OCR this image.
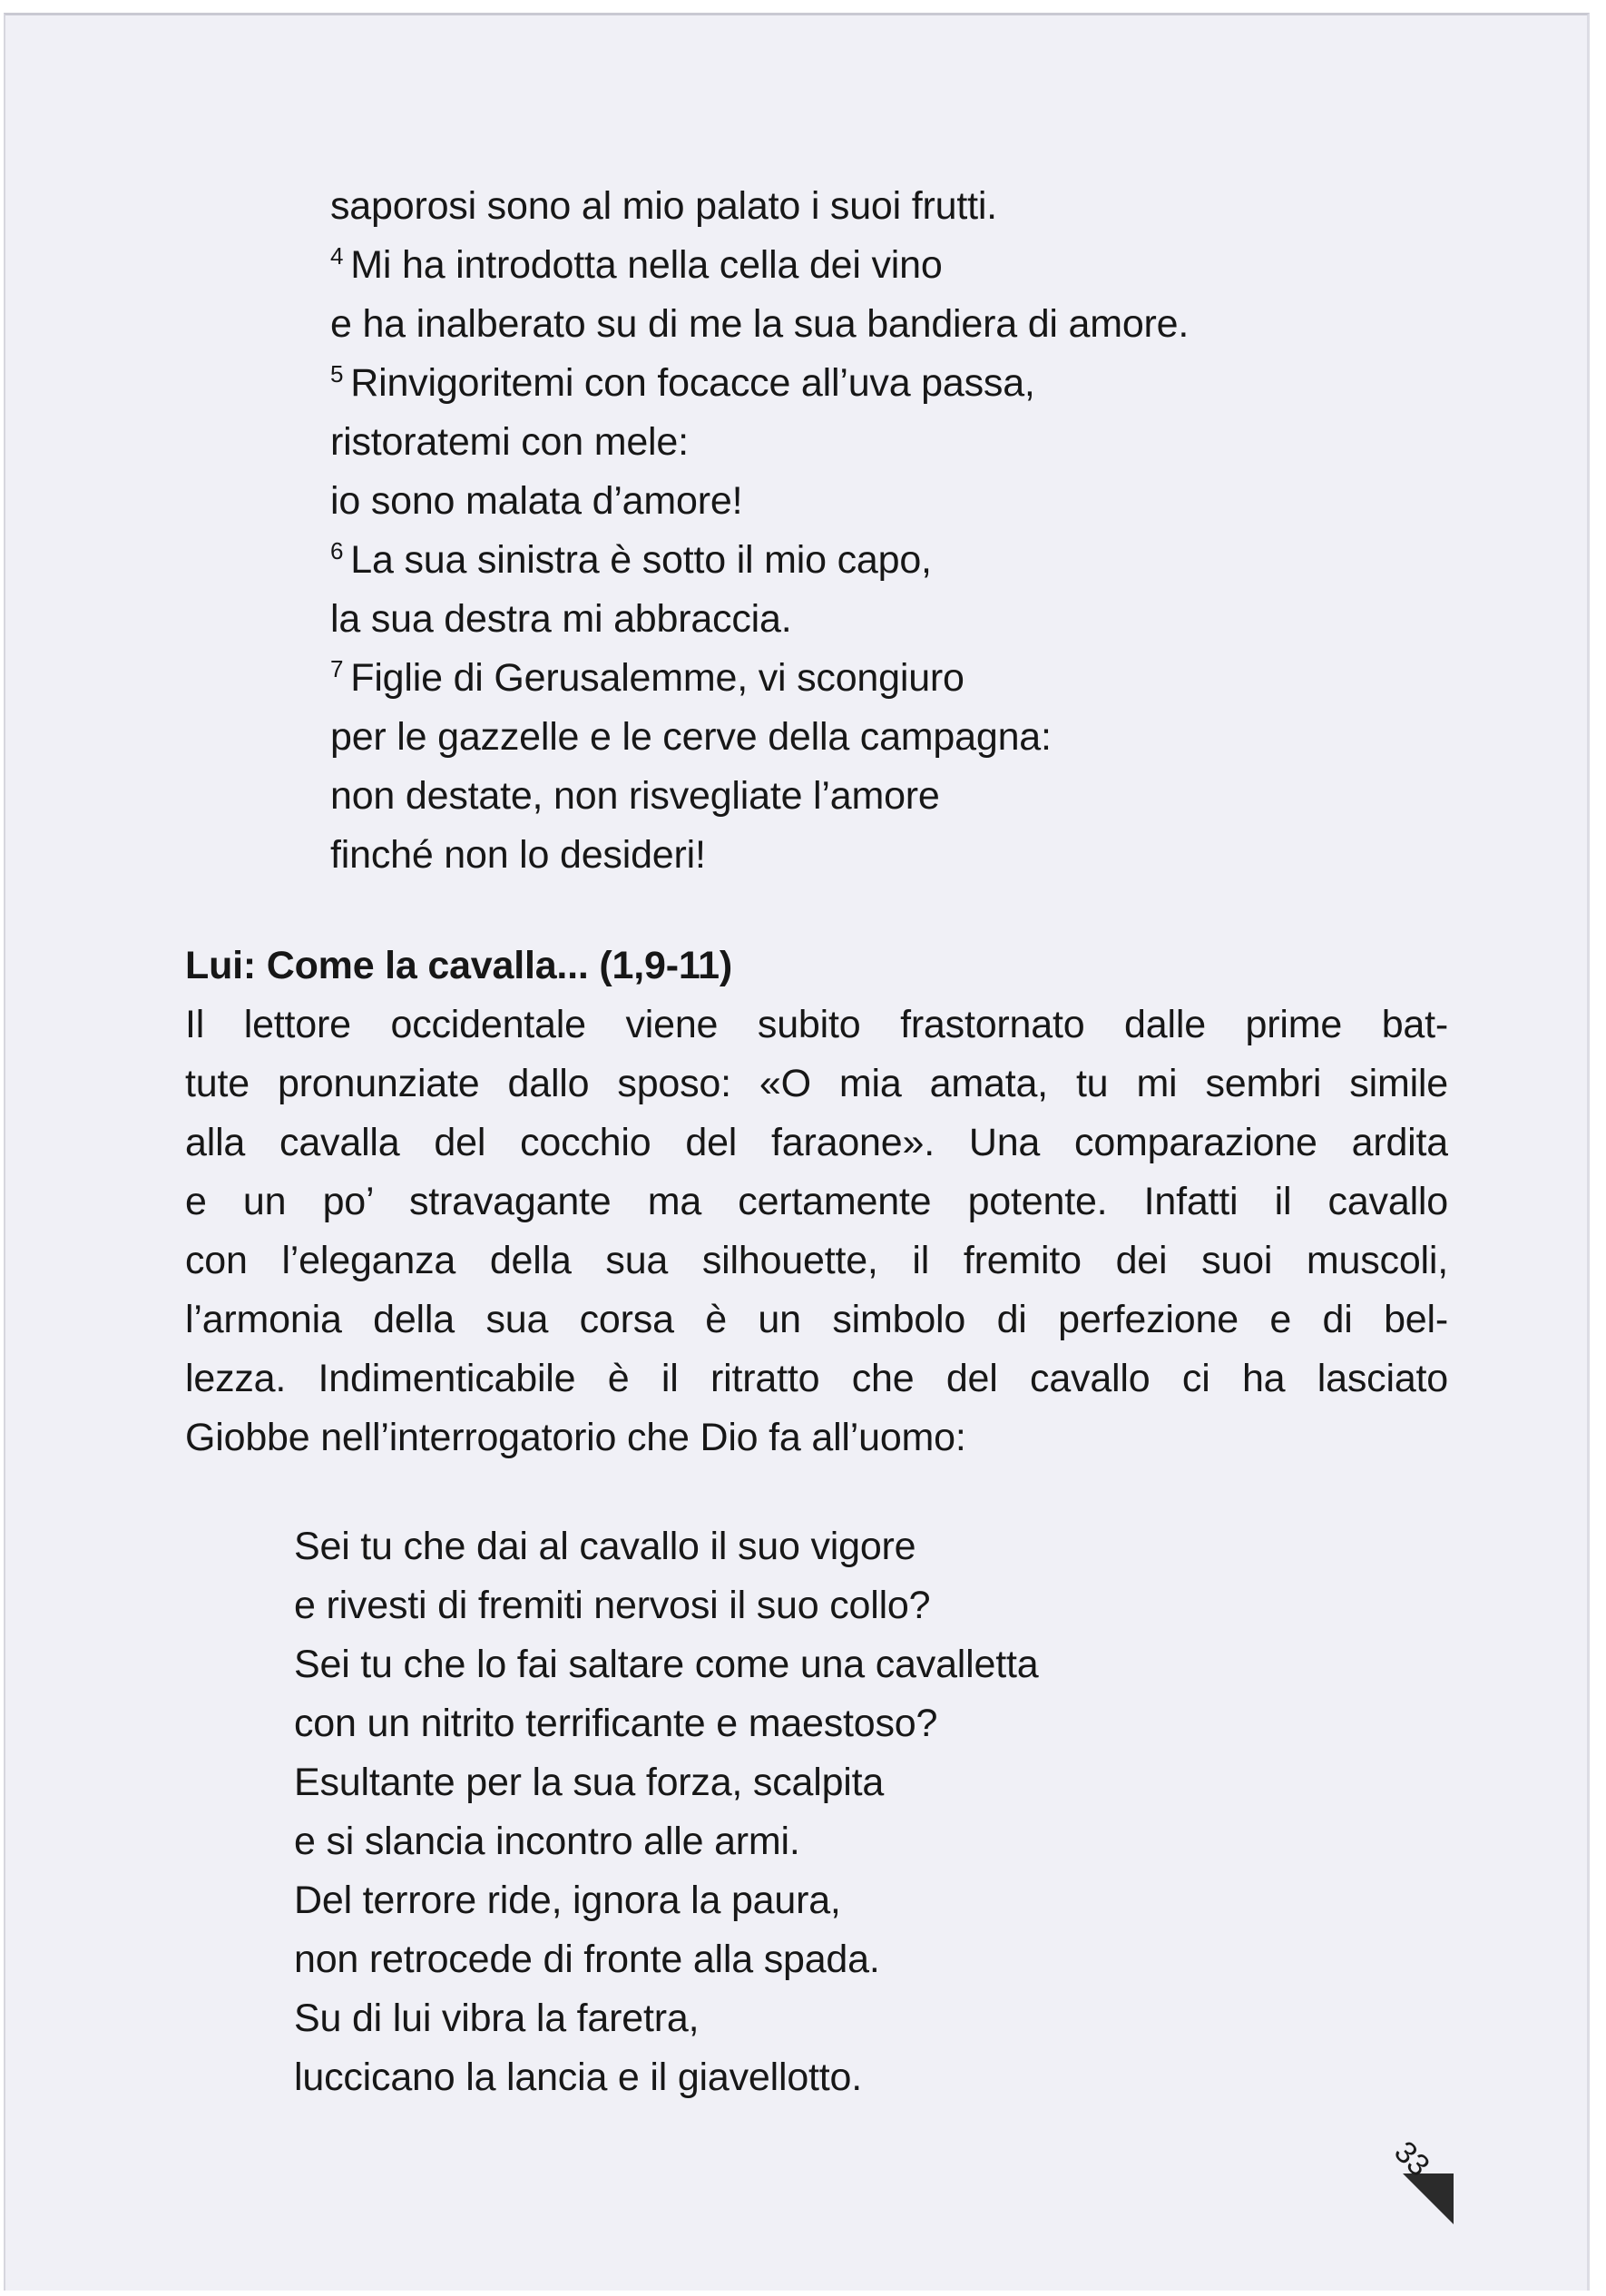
saporosi sono al mio palato i suoi frutti.
$^4$ Mi ha introdotta nella cella dei vino
e ha inalberato su di me la sua bandiera di amore.
$^5$ Rinvigoritemi con focacce all’uva passa,
ristoratemi con mele:
io sono malata d’amore!
$^6$ La sua sinistra è sotto il mio capo,
la sua destra mi abbraccia.
$^7$ Figlie di Gerusalemme, vi scongiuro
per le gazzelle e le cerve della campagna:
non destate, non risvegliate l’amore
finché non lo desideri!
Lui: Come la cavalla... (1,9-11)
Il lettore occidentale viene subito frastornato dalle prime bat-
tute pronunziate dallo sposo: «O mia amata, tu mi sembri simile
alla cavalla del cocchio del faraone». Una comparazione ardita
e un po’ stravagante ma certamente potente. Infatti il cavallo
con l’eleganza della sua silhouette, il fremito dei suoi muscoli,
l’armonia della sua corsa è un simbolo di perfezione e di bel-
lezza. Indimenticabile è il ritratto che del cavallo ci ha lasciato
Giobbe nell’interrogatorio che Dio fa all’uomo:
Sei tu che dai al cavallo il suo vigore
e rivesti di fremiti nervosi il suo collo?
Sei tu che lo fai saltare come una cavalletta
con un nitrito terrificante e maestoso?
Esultante per la sua forza, scalpita
e si slancia incontro alle armi.
Del terrore ride, ignora la paura,
non retrocede di fronte alla spada.
Su di lui vibra la faretra,
luccicano la lancia e il giavellotto.
33
